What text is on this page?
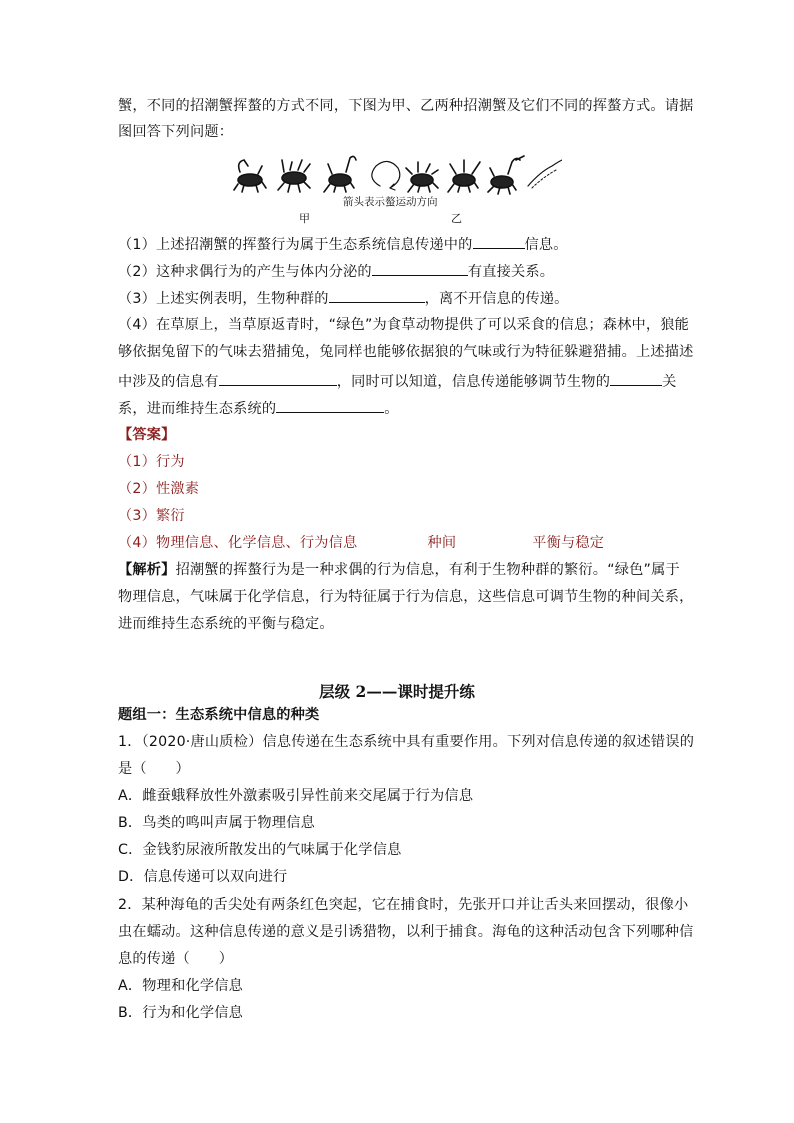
蟹，不同的招潮蟹挥螯的方式不同，下图为甲、乙两种招潮蟹及它们不同的挥螯方式。请据
图回答下列问题：
箭头表示螯运动方向
甲	乙
（1）上述招潮蟹的挥螯行为属于生态系统信息传递中的	信息。
（2）这种求偶行为的产生与体内分泌的	有直接关系。
（3）上述实例表明，生物种群的	，离不开信息的传递。
（4）在草原上，当草原返青时，“绿色”为食草动物提供了可以采食的信息；森林中，狼能
够依据兔留下的气味去猎捕兔，兔同样也能够依据狼的气味或行为特征躲避猎捕。上述描述
中涉及的信息有	，同时可以知道，信息传递能够调节生物的	关
系，进而维持生态系统的	。
【答案】
（1）行为
（2）性激素
（3）繁衍
（4）物理信息、化学信息、行为信息	种间	平衡与稳定
【解析】招潮蟹的挥螯行为是一种求偶的行为信息，有利于生物种群的繁衍。“绿色”属于
物理信息，气味属于化学信息，行为特征属于行为信息，这些信息可调节生物的种间关系，
进而维持生态系统的平衡与稳定。
层级 2——课时提升练
题组一：生态系统中信息的种类
1．（2020·唐山质检）信息传递在生态系统中具有重要作用。下列对信息传递的叙述错误的
是（　　）
A．雌蚕蛾释放性外激素吸引异性前来交尾属于行为信息
B．鸟类的鸣叫声属于物理信息
C．金钱豹尿液所散发出的气味属于化学信息
D．信息传递可以双向进行
2．某种海龟的舌尖处有两条红色突起，它在捕食时，先张开口并让舌头来回摆动，很像小
虫在蠕动。这种信息传递的意义是引诱猎物，以利于捕食。海龟的这种活动包含下列哪种信
息的传递（　　）
A．物理和化学信息
B．行为和化学信息
